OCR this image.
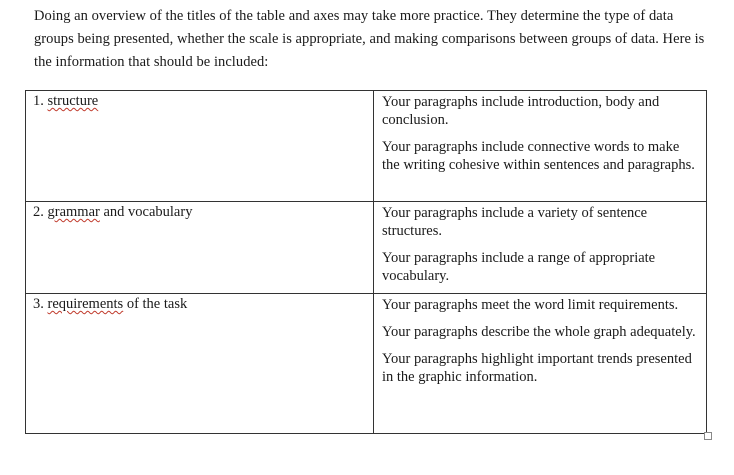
Doing an overview of the titles of the table and axes may take more practice. They determine the type of data groups being presented, whether the scale is appropriate, and making comparisons between groups of data. Here is the information that should be included:

1. structure	Your paragraphs include introduction, body and conclusion.

Your paragraphs include connective words to make the writing cohesive within sentences and paragraphs.

2. grammar and vocabulary	Your paragraphs include a variety of sentence structures.

Your paragraphs include a range of appropriate vocabulary.

3. requirements of the task	Your paragraphs meet the word limit requirements.

Your paragraphs describe the whole graph adequately.

Your paragraphs highlight important trends presented in the graphic information.
